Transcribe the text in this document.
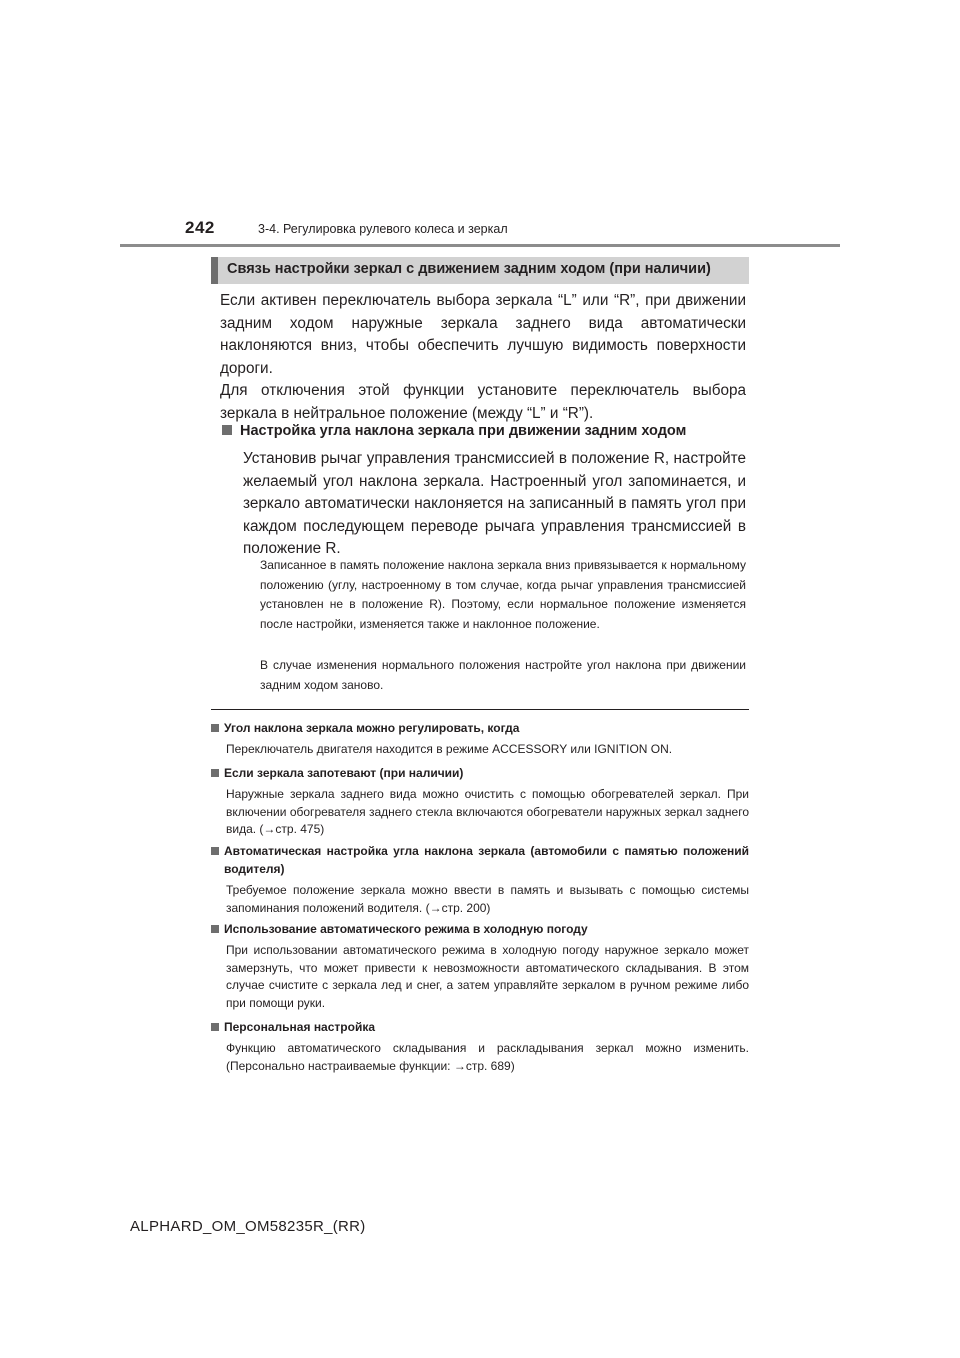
242	3-4. Регулировка рулевого колеса и зеркал
Связь настройки зеркал с движением задним ходом (при наличии)

Если активен переключатель выбора зеркала “L” или “R”, при движении задним ходом наружные зеркала заднего вида автоматически наклоняются вниз, чтобы обеспечить лучшую видимость поверхности дороги.

Для отключения этой функции установите переключатель выбора зеркала в нейтральное положение (между “L” и “R”).

Настройка угла наклона зеркала при движении задним ходом

Установив рычаг управления трансмиссией в положение R, настройте желаемый угол наклона зеркала. Настроенный угол запоминается, и зеркало автоматически наклоняется на записанный в память угол при каждом последующем переводе рычага управления трансмиссией в положение R.

Записанное в память положение наклона зеркала вниз привязывается к нормальному положению (углу, настроенному в том случае, когда рычаг управления трансмиссией установлен не в положение R). Поэтому, если нормальное положение изменяется после настройки, изменяется также и наклонное положение.

В случае изменения нормального положения настройте угол наклона при движении задним ходом заново.

Угол наклона зеркала можно регулировать, когда
Переключатель двигателя находится в режиме ACCESSORY или IGNITION ON.
Если зеркала запотевают (при наличии)
Наружные зеркала заднего вида можно очистить с помощью обогревателей зеркал. При включении обогревателя заднего стекла включаются обогреватели наружных зеркал заднего вида. (→стр. 475)
Автоматическая настройка угла наклона зеркала (автомобили с памятью положений водителя)
Требуемое положение зеркала можно ввести в память и вызывать с помощью системы запоминания положений водителя. (→стр. 200)
Использование автоматического режима в холодную погоду
При использовании автоматического режима в холодную погоду наружное зеркало может замерзнуть, что может привести к невозможности автоматического складывания. В этом случае счистите с зеркала лед и снег, а затем управляйте зеркалом в ручном режиме либо при помощи руки.
Персональная настройка
Функцию автоматического складывания и раскладывания зеркал можно изменить. (Персонально настраиваемые функции: →стр. 689)
ALPHARD_OM_OM58235R_(RR)
